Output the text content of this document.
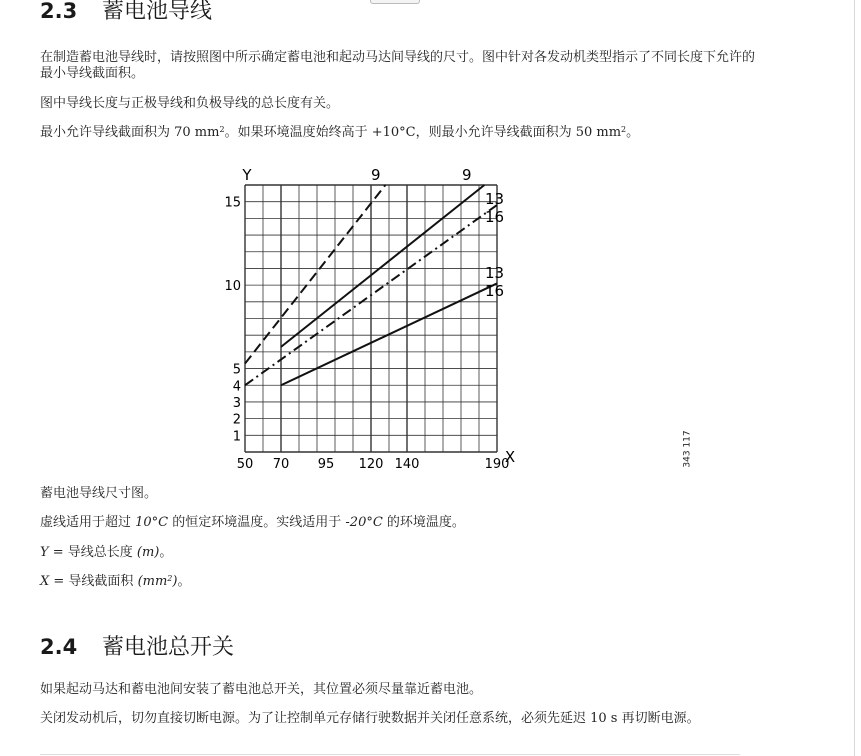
2.3 蓄电池导线

在制造蓄电池导线时，请按照图中所示确定蓄电池和起动马达间导线的尺寸。图中针对各发动机类型指示了不同长度下允许的最小导线截面积。

图中导线长度与正极导线和负极导线的总长度有关。

最小允许导线截面积为 70 $mm^2$。如果环境温度始终高于 +10°C，则最小允许导线截面积为 50 $mm^2$。

Y
X
50 70 95 120 140	190
1
2
3
4
5
10
15
9	9
13
16
13
16
343 117

蓄电池导线尺寸图。

虚线适用于超过 10°C 的恒定环境温度。实线适用于 -20°C 的环境温度。

Y = 导线总长度 (m)。

X = 导线截面积 $(mm^2)$。

2.4 蓄电池总开关

如果起动马达和蓄电池间安装了蓄电池总开关，其位置必须尽量靠近蓄电池。

关闭发动机后，切勿直接切断电源。为了让控制单元存储行驶数据并关闭任意系统，必须先延迟 10 s 再切断电源。
